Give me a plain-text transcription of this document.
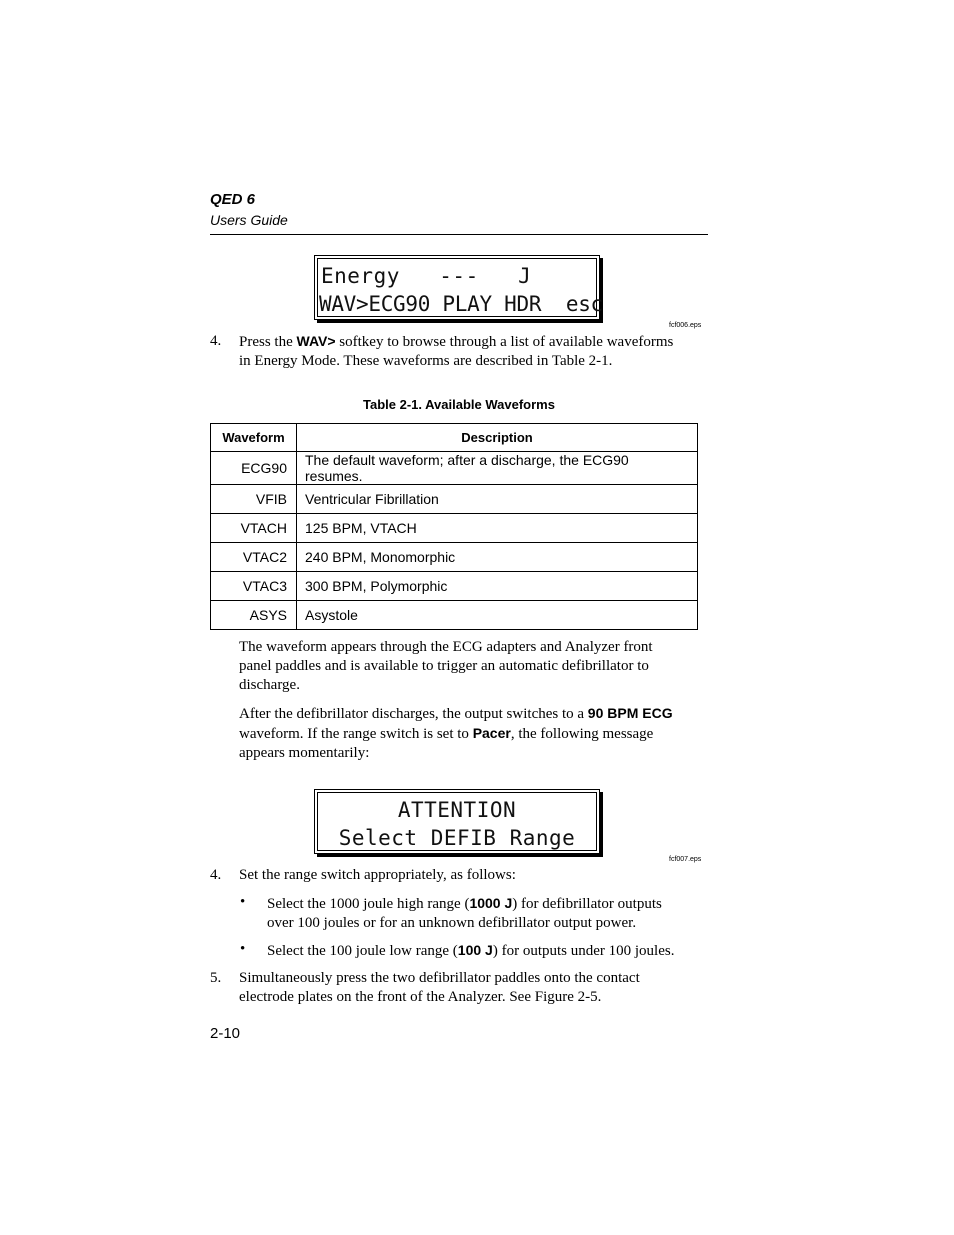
QED 6
Users Guide
Energy   ---   J
WAV>ECG90 PLAY HDR  esc
fcf006.eps
4. Press the WAV> softkey to browse through a list of available waveforms
in Energy Mode. These waveforms are described in Table 2-1.
Table 2-1. Available Waveforms
Waveform	Description
ECG90	The default waveform; after a discharge, the ECG90 resumes.
VFIB	Ventricular Fibrillation
VTACH	125 BPM, VTACH
VTAC2	240 BPM, Monomorphic
VTAC3	300 BPM, Polymorphic
ASYS	Asystole
The waveform appears through the ECG adapters and Analyzer front
panel paddles and is available to trigger an automatic defibrillator to
discharge.
After the defibrillator discharges, the output switches to a 90 BPM ECG
waveform. If the range switch is set to Pacer, the following message
appears momentarily:
ATTENTION
Select DEFIB Range
fcf007.eps
4. Set the range switch appropriately, as follows:
• Select the 1000 joule high range (1000 J) for defibrillator outputs
over 100 joules or for an unknown defibrillator output power.
• Select the 100 joule low range (100 J) for outputs under 100 joules.
5. Simultaneously press the two defibrillator paddles onto the contact
electrode plates on the front of the Analyzer. See Figure 2-5.
2-10
